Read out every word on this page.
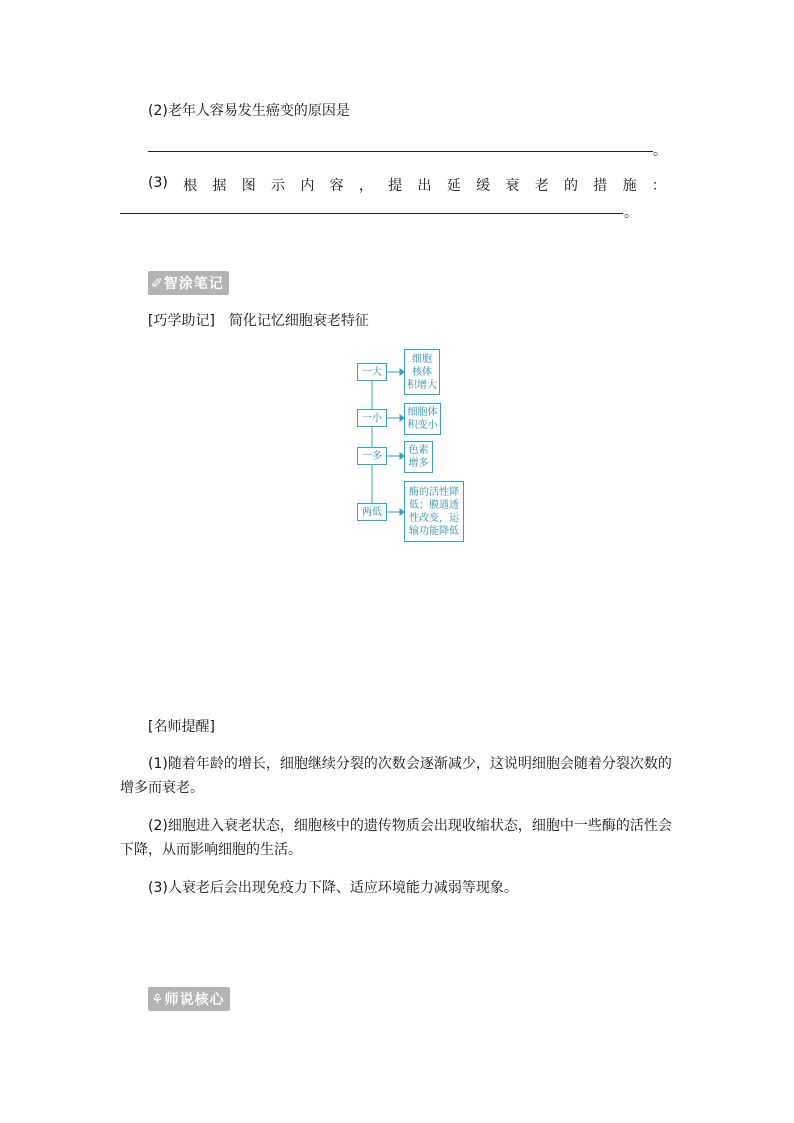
(2)老年人容易发生癌变的原因是
。
(3) 根 据 图 示 内 容 ， 提 出 延 缓 衰 老 的 措 施 ：
。
✐智涂笔记
[巧学助记]　简化记忆细胞衰老特征
一大
一小
一多
两低
细胞
核体
积增大
细胞体
积变小
色素
增多
酶的活性降
低；膜通透
性改变，运
输功能降低
[名师提醒]
(1)随着年龄的增长，细胞继续分裂的次数会逐渐减少，这说明细胞会随着分裂次数的增多而衰老。
(2)细胞进入衰老状态，细胞核中的遗传物质会出现收缩状态，细胞中一些酶的活性会下降，从而影响细胞的生活。
(3)人衰老后会出现免疫力下降、适应环境能力减弱等现象。
⚘师说核心
